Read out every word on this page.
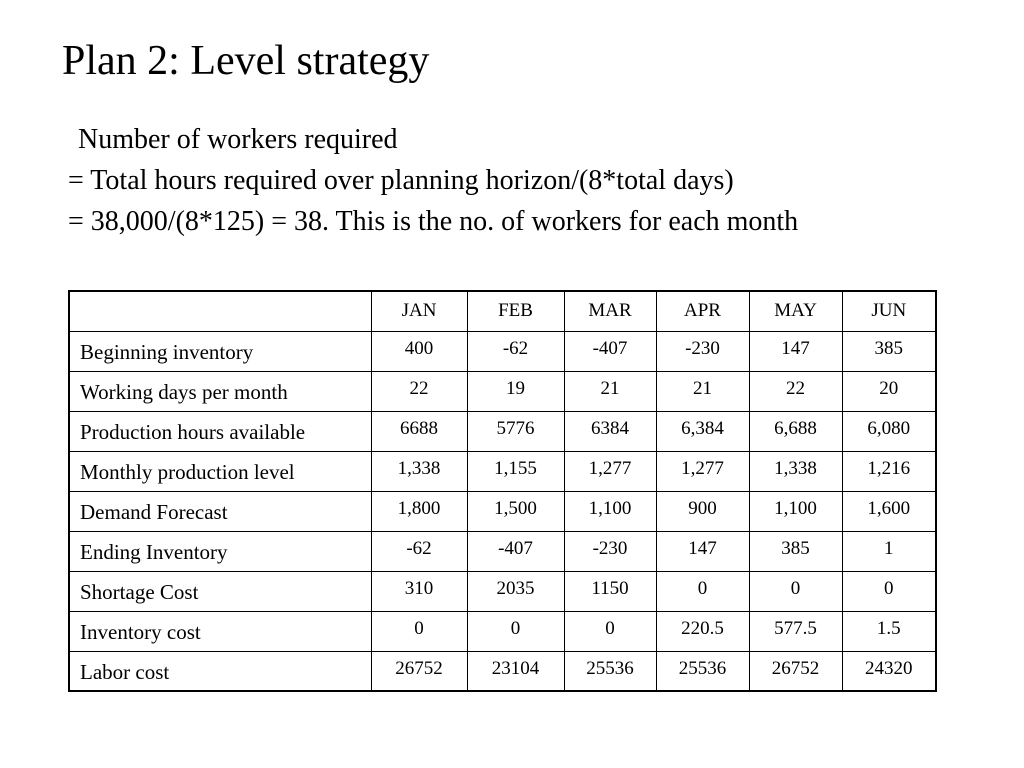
Plan 2: Level strategy
Number of workers required
= Total hours required over planning horizon/(8*total days)
= 38,000/(8*125) = 38. This is the no. of workers for each month
	JAN	FEB	MAR	APR	MAY	JUN
Beginning inventory	400	-62	-407	-230	147	385
Working days per month	22	19	21	21	22	20
Production hours available	6688	5776	6384	6,384	6,688	6,080
Monthly production level	1,338	1,155	1,277	1,277	1,338	1,216
Demand Forecast	1,800	1,500	1,100	900	1,100	1,600
Ending Inventory	-62	-407	-230	147	385	1
Shortage Cost	310	2035	1150	0	0	0
Inventory cost	0	0	0	220.5	577.5	1.5
Labor cost	26752	23104	25536	25536	26752	24320
